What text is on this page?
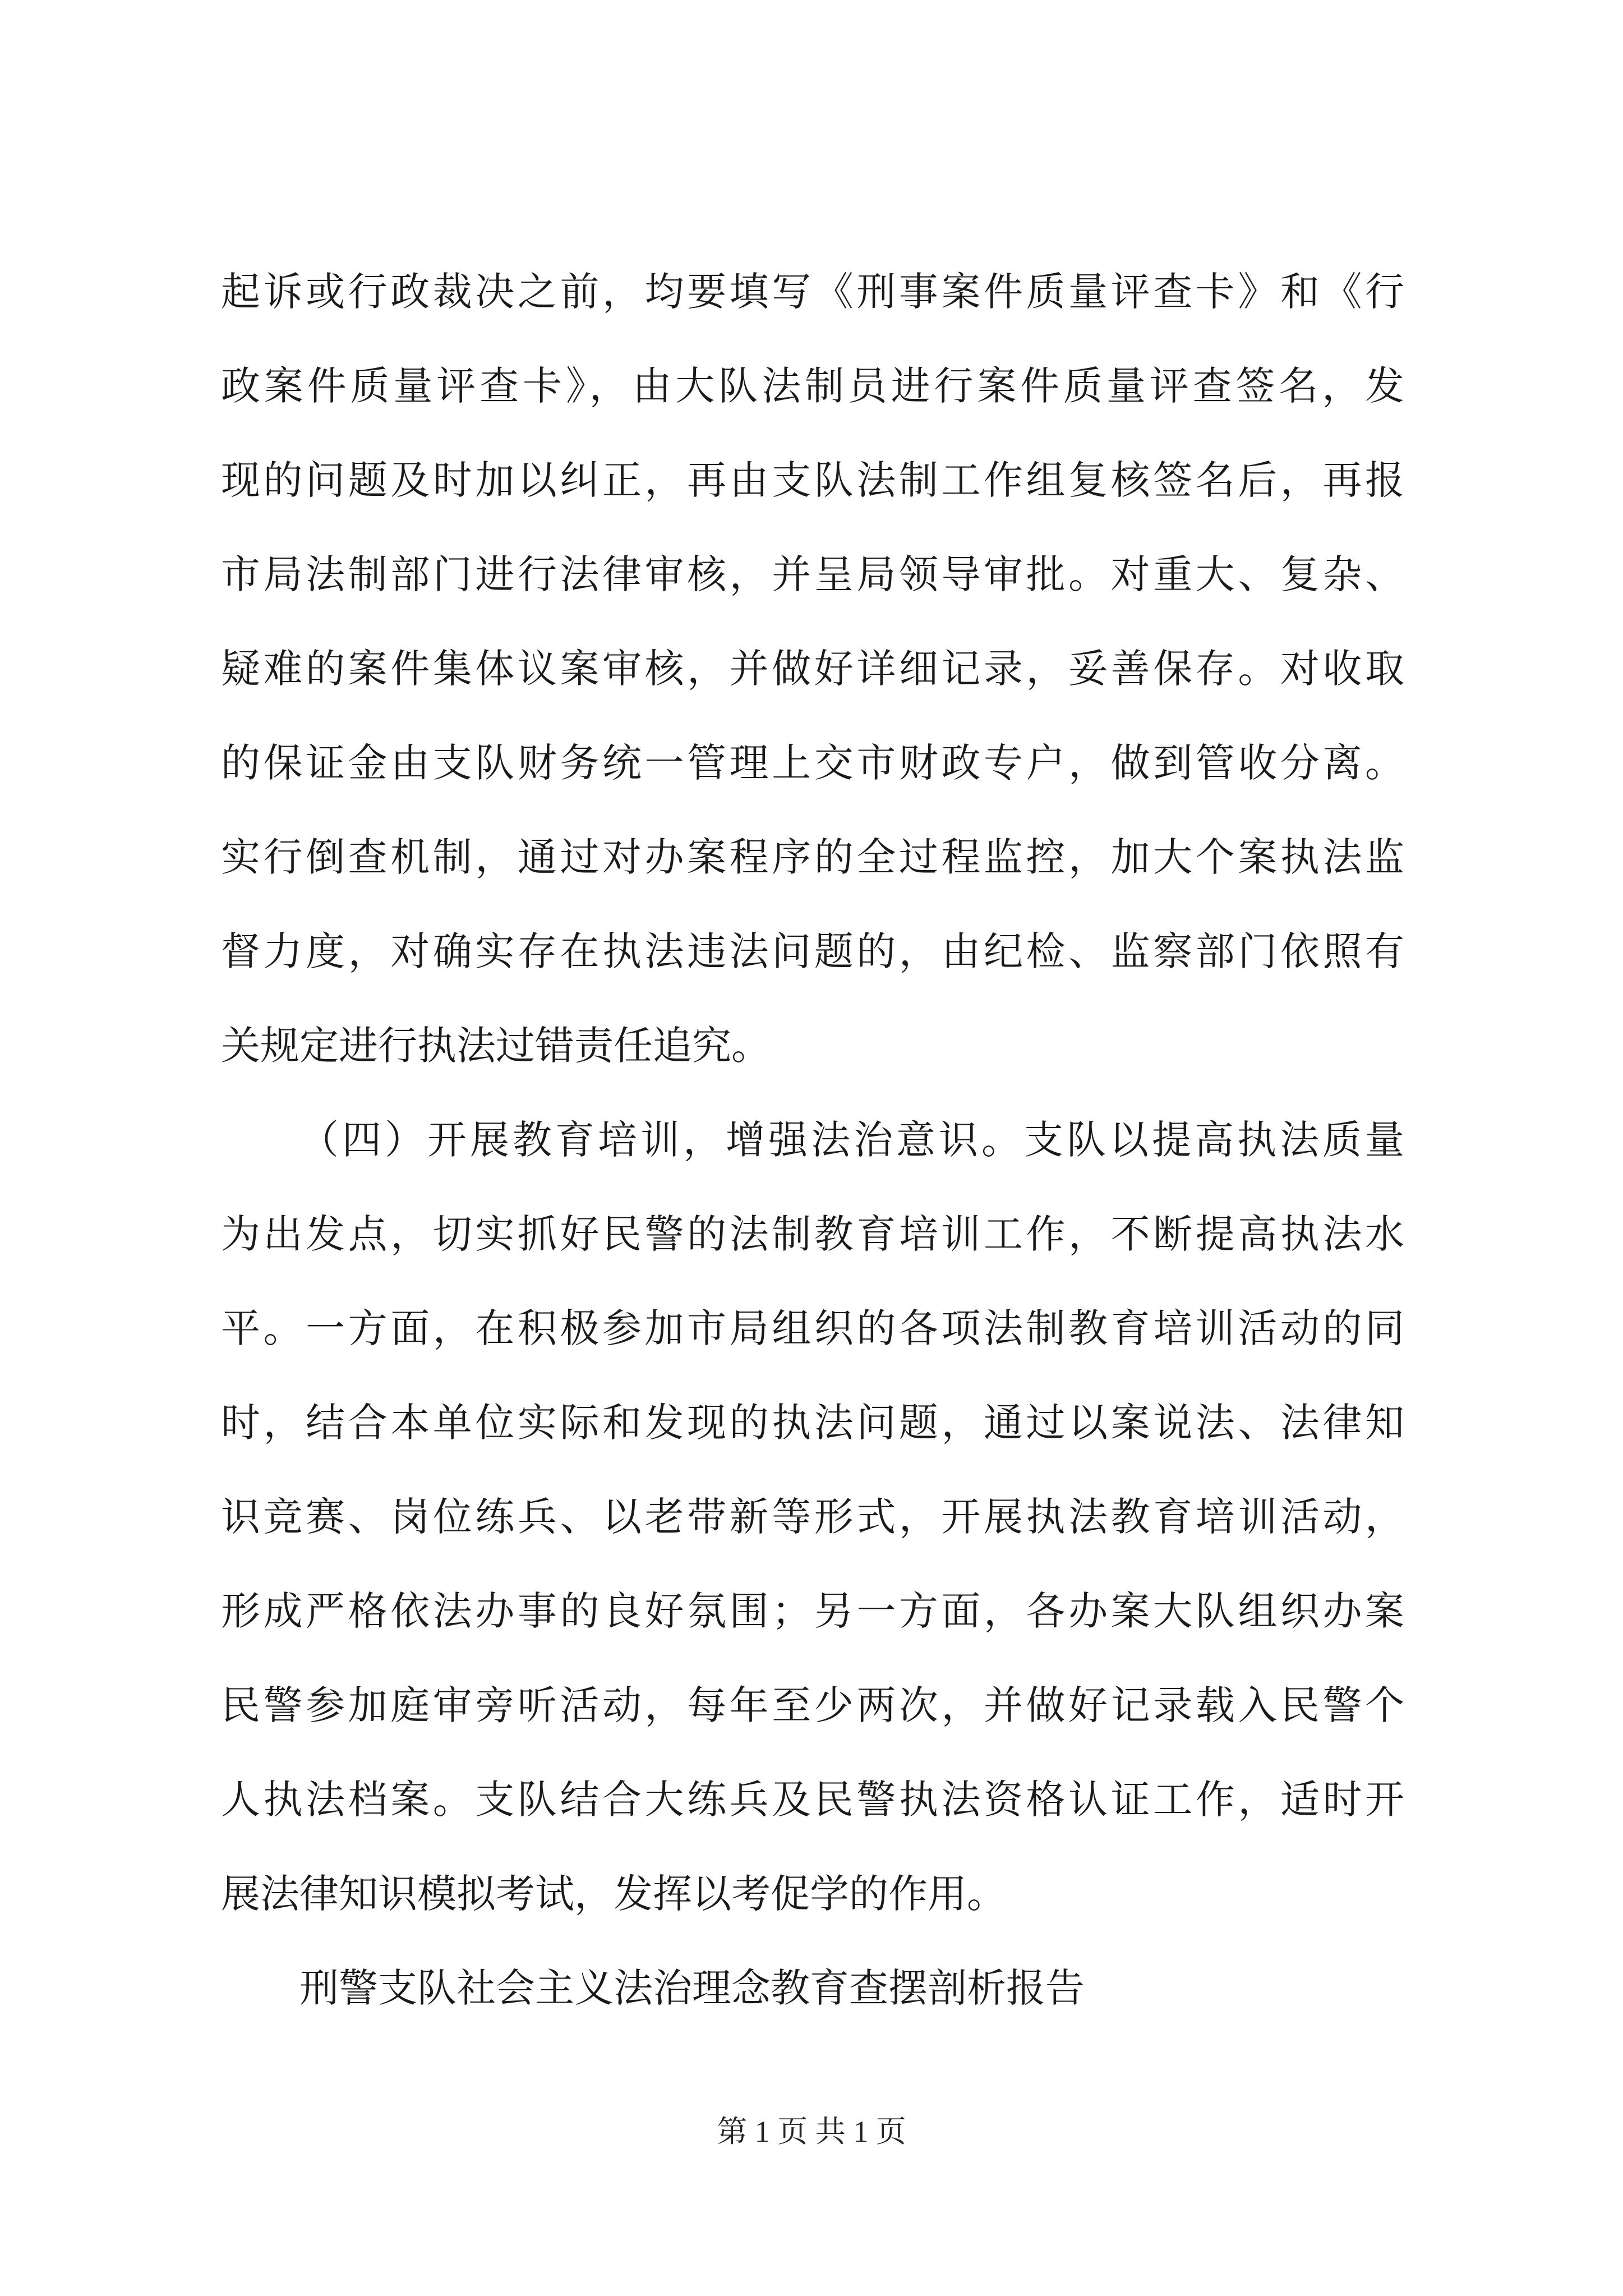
起诉或行政裁决之前，均要填写《刑事案件质量评查卡》和《行
政案件质量评查卡》，由大队法制员进行案件质量评查签名，发
现的问题及时加以纠正，再由支队法制工作组复核签名后，再报
市局法制部门进行法律审核，并呈局领导审批。对重大、复杂、
疑难的案件集体议案审核，并做好详细记录，妥善保存。对收取
的保证金由支队财务统一管理上交市财政专户，做到管收分离。
实行倒查机制，通过对办案程序的全过程监控，加大个案执法监
督力度，对确实存在执法违法问题的，由纪检、监察部门依照有
关规定进行执法过错责任追究。
（四）开展教育培训，增强法治意识。支队以提高执法质量
为出发点，切实抓好民警的法制教育培训工作，不断提高执法水
平。一方面，在积极参加市局组织的各项法制教育培训活动的同
时，结合本单位实际和发现的执法问题，通过以案说法、法律知
识竞赛、岗位练兵、以老带新等形式，开展执法教育培训活动，
形成严格依法办事的良好氛围；另一方面，各办案大队组织办案
民警参加庭审旁听活动，每年至少两次，并做好记录载入民警个
人执法档案。支队结合大练兵及民警执法资格认证工作，适时开
展法律知识模拟考试，发挥以考促学的作用。
刑警支队社会主义法治理念教育查摆剖析报告
第 1 页 共 1 页
